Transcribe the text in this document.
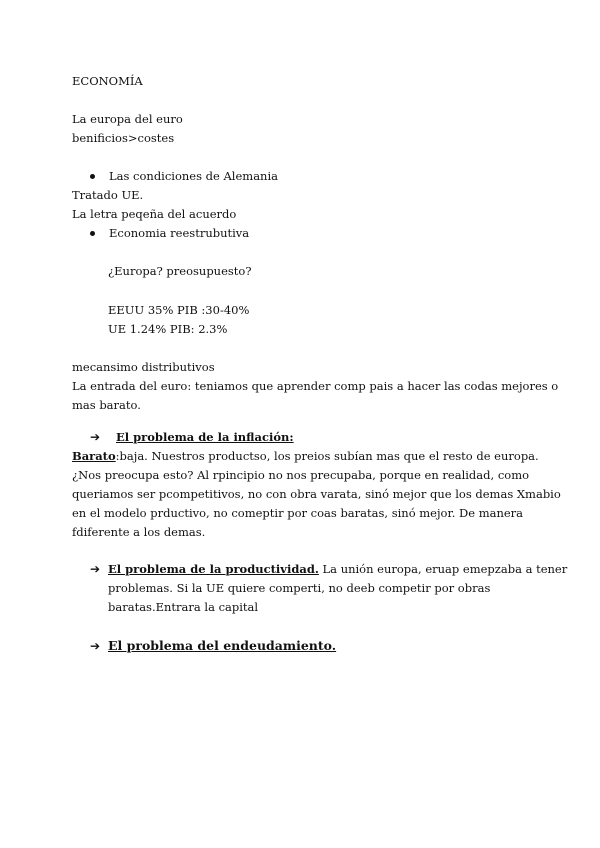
ECONOMÍA
La europa del euro
benificios>costes
Las condiciones de Alemania
Tratado UE.
La letra peqeña del acuerdo
Economia reestrubutiva
¿Europa? preosupuesto?
EEUU 35% PIB :30-40%
UE 1.24% PIB: 2.3%
mecansimo distributivos
La entrada del euro: teniamos que aprender comp pais a hacer las codas mejores o
mas barato.
➔ El problema de la inflación:
Barato:baja. Nuestros productso, los preios subían mas que el resto de europa.
¿Nos preocupa esto? Al rpincipio no nos precupaba, porque en realidad, como
queriamos ser pcompetitivos, no con obra varata, sinó mejor que los demas Xmabio
en el modelo prductivo, no comeptir por coas baratas, sinó mejor. De manera
fdiferente a los demas.
➔ El problema de la productividad. La unión europa, eruap emepzaba a tener
problemas. Si la UE quiere comperti, no deeb competir por obras
baratas.Entrara la capital
➔ El problema del endeudamiento.
